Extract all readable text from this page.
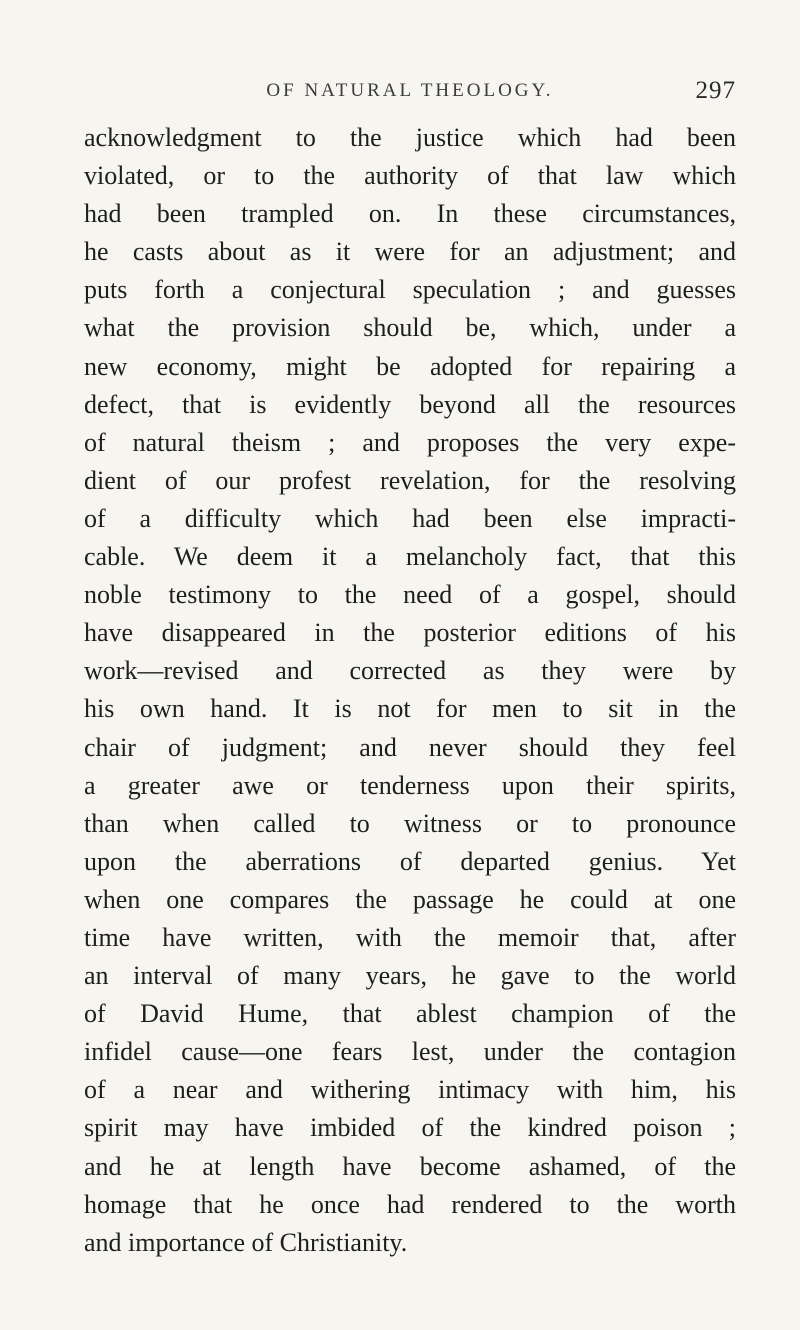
OF NATURAL THEOLOGY.	297
acknowledgment to the justice which had been
violated, or to the authority of that law which
had been trampled on. In these circumstances,
he casts about as it were for an adjustment; and
puts forth a conjectural speculation ; and guesses
what the provision should be, which, under a
new economy, might be adopted for repairing a
defect, that is evidently beyond all the resources
of natural theism ; and proposes the very expe-
dient of our profest revelation, for the resolving
of a difficulty which had been else impracti-
cable. We deem it a melancholy fact, that this
noble testimony to the need of a gospel, should
have disappeared in the posterior editions of his
work—revised and corrected as they were by
his own hand. It is not for men to sit in the
chair of judgment; and never should they feel
a greater awe or tenderness upon their spirits,
than when called to witness or to pronounce
upon the aberrations of departed genius. Yet
when one compares the passage he could at one
time have written, with the memoir that, after
an interval of many years, he gave to the world
of David Hume, that ablest champion of the
infidel cause—one fears lest, under the contagion
of a near and withering intimacy with him, his
spirit may have imbided of the kindred poison ;
and he at length have become ashamed, of the
homage that he once had rendered to the worth
and importance of Christianity.
